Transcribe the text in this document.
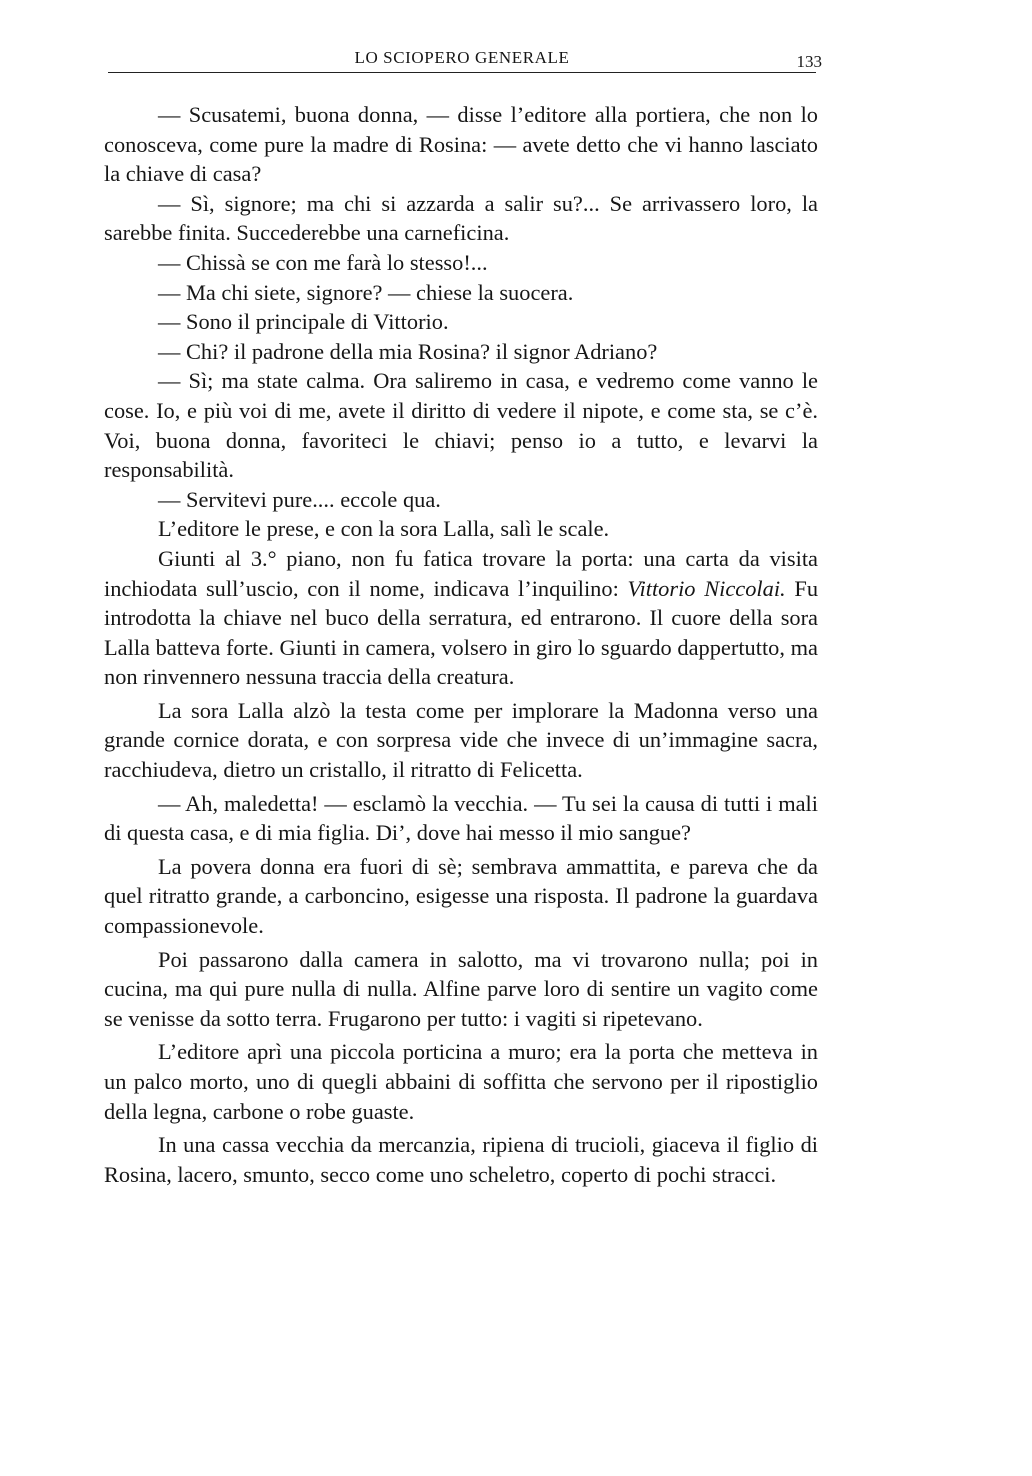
LO SCIOPERO GENERALE	133

— Scusatemi, buona donna, — disse l’editore alla portiera, che non lo conosceva, come pure la madre di Rosina: — avete detto che vi hanno lasciato la chiave di casa?

— Sì, signore; ma chi si azzarda a salir su?... Se arrivassero loro, la sarebbe finita. Succederebbe una carneficina.

— Chissà se con me farà lo stesso!...

— Ma chi siete, signore? — chiese la suocera.

— Sono il principale di Vittorio.

— Chi? il padrone della mia Rosina? il signor Adriano?

— Sì; ma state calma. Ora saliremo in casa, e vedremo come vanno le cose. Io, e più voi di me, avete il diritto di vedere il nipote, e come sta, se c’è. Voi, buona donna, favoriteci le chiavi; penso io a tutto, e levarvi la responsabilità.

— Servitevi pure.... eccole qua.

L’editore le prese, e con la sora Lalla, salì le scale.

Giunti al 3.° piano, non fu fatica trovare la porta: una carta da visita inchiodata sull’uscio, con il nome, indicava l’inquilino: Vittorio Niccolai. Fu introdotta la chiave nel buco della serratura, ed entrarono. Il cuore della sora Lalla batteva forte. Giunti in camera, volsero in giro lo sguardo dappertutto, ma non rinvennero nessuna traccia della creatura.

La sora Lalla alzò la testa come per implorare la Madonna verso una grande cornice dorata, e con sorpresa vide che invece di un’immagine sacra, racchiudeva, dietro un cristallo, il ritratto di Felicetta.

— Ah, maledetta! — esclamò la vecchia. — Tu sei la causa di tutti i mali di questa casa, e di mia figlia. Di’, dove hai messo il mio sangue?

La povera donna era fuori di sè; sembrava ammattita, e pareva che da quel ritratto grande, a carboncino, esigesse una risposta. Il padrone la guardava compassionevole.

Poi passarono dalla camera in salotto, ma vi trovarono nulla; poi in cucina, ma qui pure nulla di nulla. Alfine parve loro di sentire un vagito come se venisse da sotto terra. Frugarono per tutto: i vagiti si ripetevano.

L’editore aprì una piccola porticina a muro; era la porta che metteva in un palco morto, uno di quegli abbaini di soffitta che servono per il ripostiglio della legna, carbone o robe guaste.

In una cassa vecchia da mercanzia, ripiena di trucioli, giaceva il figlio di Rosina, lacero, smunto, secco come uno scheletro, coperto di pochi stracci.
